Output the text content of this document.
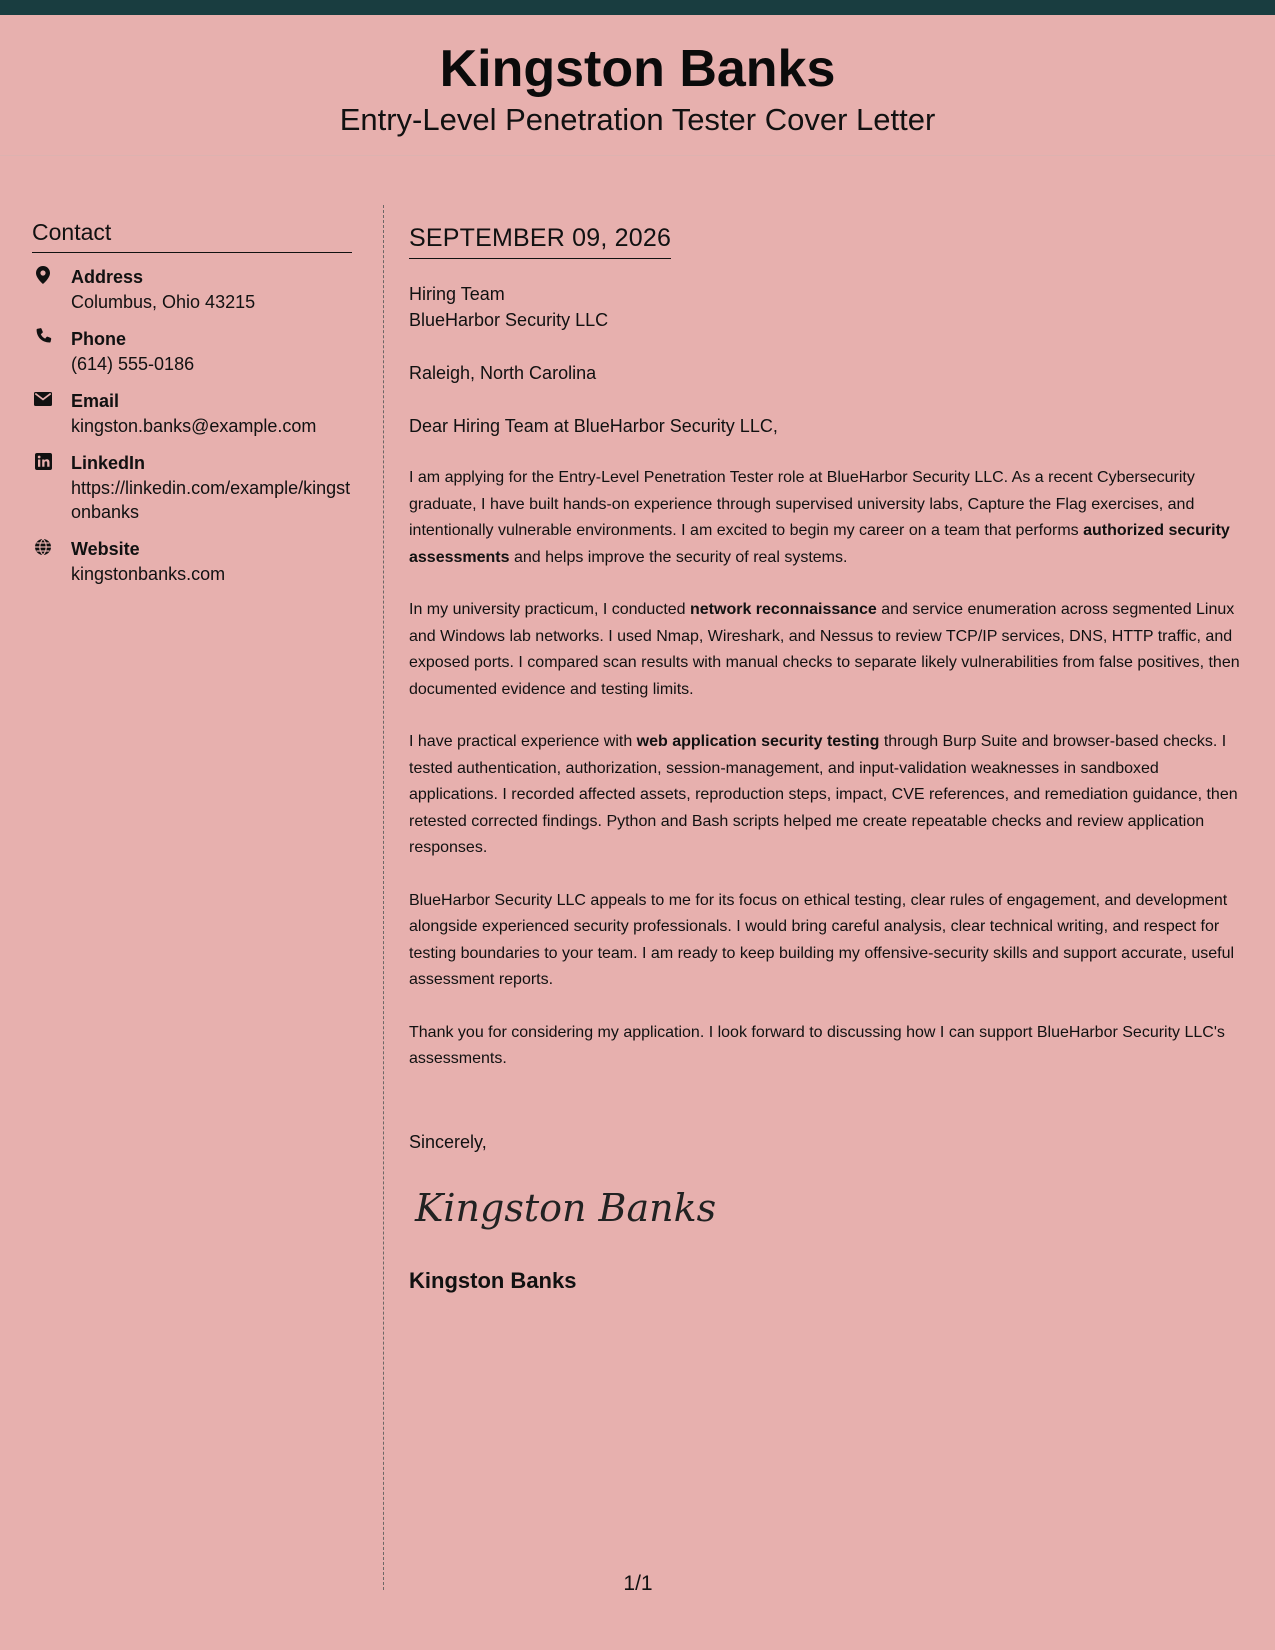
Kingston Banks
Entry-Level Penetration Tester Cover Letter
Contact
Address
Columbus, Ohio 43215
Phone
(614) 555-0186
Email
kingston.banks@example.com
LinkedIn
https://linkedin.com/example/kingstonbanks
Website
kingstonbanks.com
SEPTEMBER 09, 2026
Hiring Team
BlueHarbor Security LLC
Raleigh, North Carolina
Dear Hiring Team at BlueHarbor Security LLC,

I am applying for the Entry-Level Penetration Tester role at BlueHarbor Security LLC. As a recent Cybersecurity graduate, I have built hands-on experience through supervised university labs, Capture the Flag exercises, and intentionally vulnerable environments. I am excited to begin my career on a team that performs authorized security assessments and helps improve the security of real systems.

In my university practicum, I conducted network reconnaissance and service enumeration across segmented Linux and Windows lab networks. I used Nmap, Wireshark, and Nessus to review TCP/IP services, DNS, HTTP traffic, and exposed ports. I compared scan results with manual checks to separate likely vulnerabilities from false positives, then documented evidence and testing limits.

I have practical experience with web application security testing through Burp Suite and browser-based checks. I tested authentication, authorization, session-management, and input-validation weaknesses in sandboxed applications. I recorded affected assets, reproduction steps, impact, CVE references, and remediation guidance, then retested corrected findings. Python and Bash scripts helped me create repeatable checks and review application responses.

BlueHarbor Security LLC appeals to me for its focus on ethical testing, clear rules of engagement, and development alongside experienced security professionals. I would bring careful analysis, clear technical writing, and respect for testing boundaries to your team. I am ready to keep building my offensive-security skills and support accurate, useful assessment reports.

Thank you for considering my application. I look forward to discussing how I can support BlueHarbor Security LLC's assessments.

Sincerely,
Kingston Banks
Kingston Banks
1/1
